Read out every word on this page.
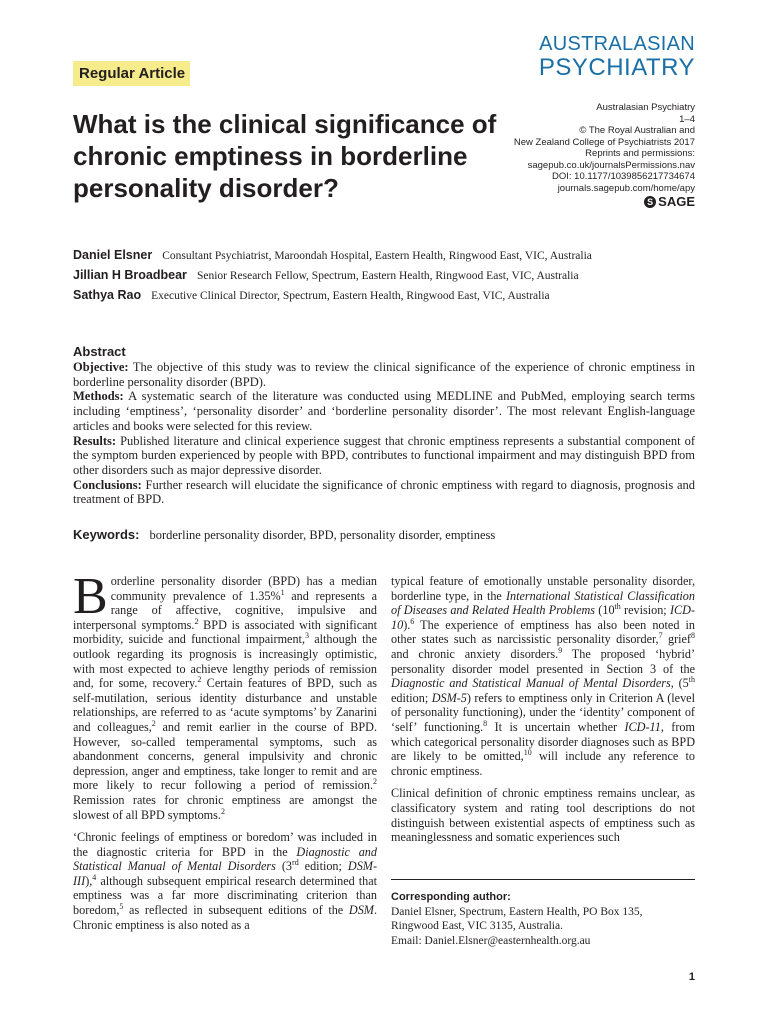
AUSTRALASIAN
PSYCHIATRY
Regular Article
What is the clinical significance of chronic emptiness in borderline personality disorder?
Australasian Psychiatry
1–4
© The Royal Australian and
New Zealand College of Psychiatrists 2017
Reprints and permissions:
sagepub.co.uk/journalsPermissions.nav
DOI: 10.1177/1039856217734674
journals.sagepub.com/home/apy
S SAGE
Daniel Elsner Consultant Psychiatrist, Maroondah Hospital, Eastern Health, Ringwood East, VIC, Australia
Jillian H Broadbear Senior Research Fellow, Spectrum, Eastern Health, Ringwood East, VIC, Australia
Sathya Rao Executive Clinical Director, Spectrum, Eastern Health, Ringwood East, VIC, Australia
Abstract

Objective: The objective of this study was to review the clinical significance of the experience of chronic emptiness in borderline personality disorder (BPD).

Methods: A systematic search of the literature was conducted using MEDLINE and PubMed, employing search terms including ‘emptiness’, ‘personality disorder’ and ‘borderline personality disorder’. The most relevant English-language articles and books were selected for this review.

Results: Published literature and clinical experience suggest that chronic emptiness represents a substantial component of the symptom burden experienced by people with BPD, contributes to functional impairment and may distinguish BPD from other disorders such as major depressive disorder.

Conclusions: Further research will elucidate the significance of chronic emptiness with regard to diagnosis, prognosis and treatment of BPD.

Keywords: borderline personality disorder, BPD, personality disorder, emptiness

Borderline personality disorder (BPD) has a median community prevalence of 1.35%$^1$ and represents a range of affective, cognitive, impulsive and interpersonal symptoms.$^2$ BPD is associated with significant morbidity, suicide and functional impairment,$^3$ although the outlook regarding its prognosis is increasingly optimistic, with most expected to achieve lengthy periods of remission and, for some, recovery.$^2$ Certain features of BPD, such as self-mutilation, serious identity disturbance and unstable relationships, are referred to as ‘acute symptoms’ by Zanarini and colleagues,$^2$ and remit earlier in the course of BPD. However, so-called temperamental symptoms, such as abandonment concerns, general impulsivity and chronic depression, anger and emptiness, take longer to remit and are more likely to recur following a period of remission.$^2$ Remission rates for chronic emptiness are amongst the slowest of all BPD symptoms.$^2$

‘Chronic feelings of emptiness or boredom’ was included in the diagnostic criteria for BPD in the Diagnostic and Statistical Manual of Mental Disorders (3rd edition; DSM-III),$^4$ although subsequent empirical research determined that emptiness was a far more discriminating criterion than boredom,$^5$ as reflected in subsequent editions of the DSM. Chronic emptiness is also noted as a

typical feature of emotionally unstable personality disorder, borderline type, in the International Statistical Classification of Diseases and Related Health Problems (10th revision; ICD-10).$^6$ The experience of emptiness has also been noted in other states such as narcissistic personality disorder,$^7$ grief$^8$ and chronic anxiety disorders.$^9$ The proposed ‘hybrid’ personality disorder model presented in Section 3 of the Diagnostic and Statistical Manual of Mental Disorders, (5th edition; DSM-5) refers to emptiness only in Criterion A (level of personality functioning), under the ‘identity’ component of ‘self’ functioning.$^8$ It is uncertain whether ICD-11, from which categorical personality disorder diagnoses such as BPD are likely to be omitted,$^{10}$ will include any reference to chronic emptiness.

Clinical definition of chronic emptiness remains unclear, as classificatory system and rating tool descriptions do not distinguish between existential aspects of emptiness such as meaninglessness and somatic experiences such

Corresponding author:
Daniel Elsner, Spectrum, Eastern Health, PO Box 135,
Ringwood East, VIC 3135, Australia.
Email: Daniel.Elsner@easternhealth.org.au
1
